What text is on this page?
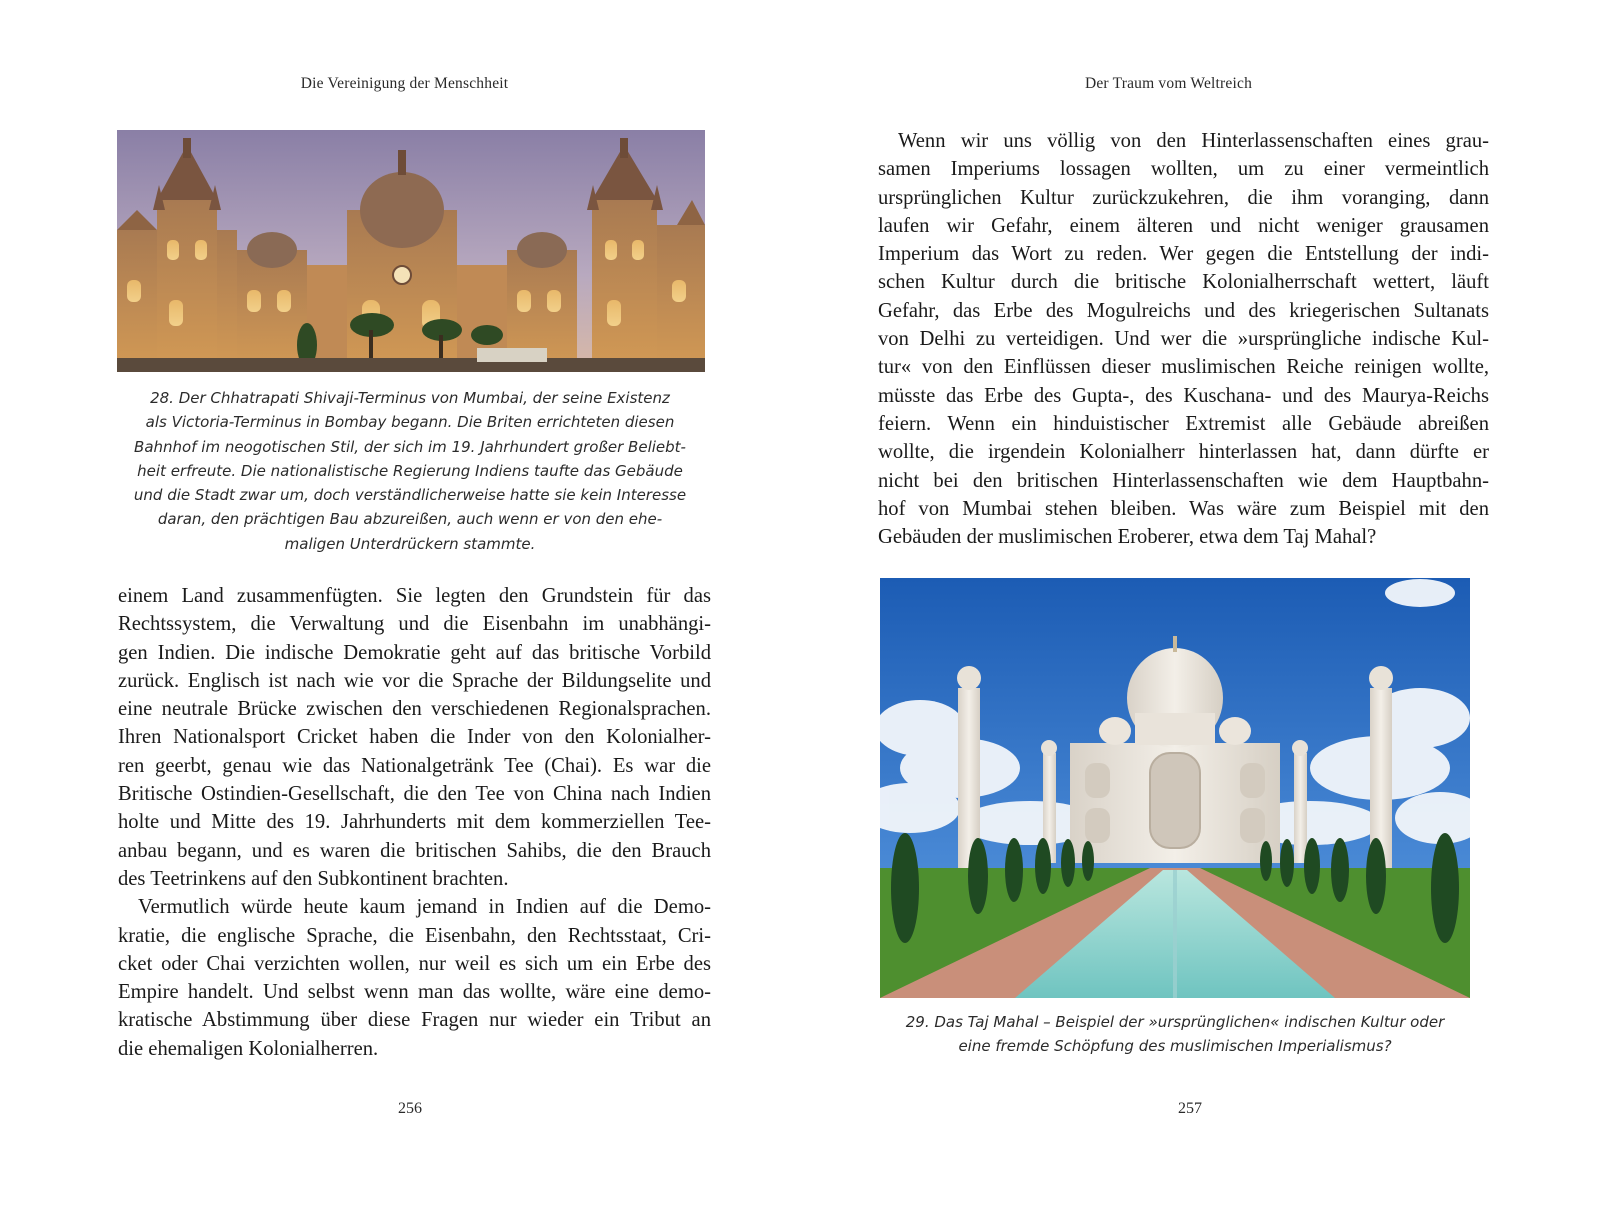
Die Vereinigung der Menschheit
28. Der Chhatrapati Shivaji-Terminus von Mumbai, der seine Existenz
als Victoria-Terminus in Bombay begann. Die Briten errichteten diesen
Bahnhof im neogotischen Stil, der sich im 19. Jahrhundert großer Beliebt-
heit erfreute. Die nationalistische Regierung Indiens taufte das Gebäude
und die Stadt zwar um, doch verständlicherweise hatte sie kein Interesse
daran, den prächtigen Bau abzureißen, auch wenn er von den ehe-
maligen Unterdrückern stammte.
einem Land zusammenfügten. Sie legten den Grundstein für das
Rechtssystem, die Verwaltung und die Eisenbahn im unabhängi-
gen Indien. Die indische Demokratie geht auf das britische Vorbild
zurück. Englisch ist nach wie vor die Sprache der Bildungselite und
eine neutrale Brücke zwischen den verschiedenen Regionalsprachen.
Ihren Nationalsport Cricket haben die Inder von den Kolonialher-
ren geerbt, genau wie das Nationalgetränk Tee (Chai). Es war die
Britische Ostindien-Gesellschaft, die den Tee von China nach Indien
holte und Mitte des 19. Jahrhunderts mit dem kommerziellen Tee-
anbau begann, und es waren die britischen Sahibs, die den Brauch
des Teetrinkens auf den Subkontinent brachten.
Vermutlich würde heute kaum jemand in Indien auf die Demo-
kratie, die englische Sprache, die Eisenbahn, den Rechtsstaat, Cri-
cket oder Chai verzichten wollen, nur weil es sich um ein Erbe des
Empire handelt. Und selbst wenn man das wollte, wäre eine demo-
kratische Abstimmung über diese Fragen nur wieder ein Tribut an
die ehemaligen Kolonialherren.
256
Der Traum vom Weltreich
Wenn wir uns völlig von den Hinterlassenschaften eines grau-
samen Imperiums lossagen wollten, um zu einer vermeintlich
ursprünglichen Kultur zurückzukehren, die ihm voranging, dann
laufen wir Gefahr, einem älteren und nicht weniger grausamen
Imperium das Wort zu reden. Wer gegen die Entstellung der indi-
schen Kultur durch die britische Kolonialherrschaft wettert, läuft
Gefahr, das Erbe des Mogulreichs und des kriegerischen Sultanats
von Delhi zu verteidigen. Und wer die »ursprüngliche indische Kul-
tur« von den Einflüssen dieser muslimischen Reiche reinigen wollte,
müsste das Erbe des Gupta-, des Kuschana- und des Maurya-Reichs
feiern. Wenn ein hinduistischer Extremist alle Gebäude abreißen
wollte, die irgendein Kolonialherr hinterlassen hat, dann dürfte er
nicht bei den britischen Hinterlassenschaften wie dem Hauptbahn-
hof von Mumbai stehen bleiben. Was wäre zum Beispiel mit den
Gebäuden der muslimischen Eroberer, etwa dem Taj Mahal?
29. Das Taj Mahal – Beispiel der »ursprünglichen« indischen Kultur oder
eine fremde Schöpfung des muslimischen Imperialismus?
257
